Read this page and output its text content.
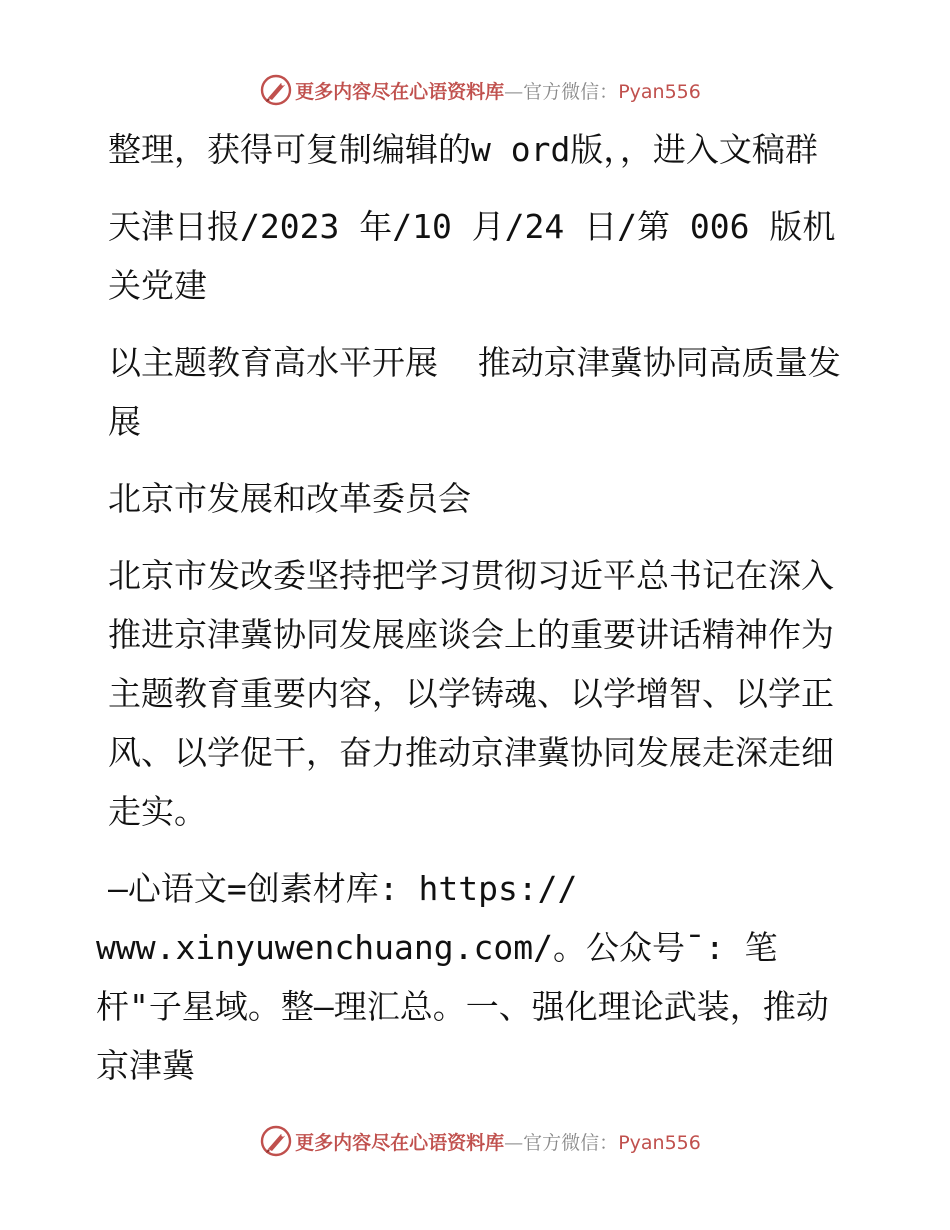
更多内容尽在心语资料库—官方微信：Pyan556

整理，获得可复制编辑的w ord版，，进入文稿群

天津日报/2023 年/10 月/24 日/第 006 版机关党建

以主题教育高水平开展  推动京津冀协同高质量发展

北京市发展和改革委员会

北京市发改委坚持把学习贯彻习近平总书记在深入推进京津冀协同发展座谈会上的重要讲话精神作为主题教育重要内容，以学铸魂、以学增智、以学正风、以学促干，奋力推动京津冀协同发展走深走细走实。

—心语文=创素材库: https://

www.xinyuwenchuang.com/。公众号¯: 笔杆"子星域。整—理汇总。一、强化理论武装，推动京津冀

更多内容尽在心语资料库—官方微信：Pyan556
